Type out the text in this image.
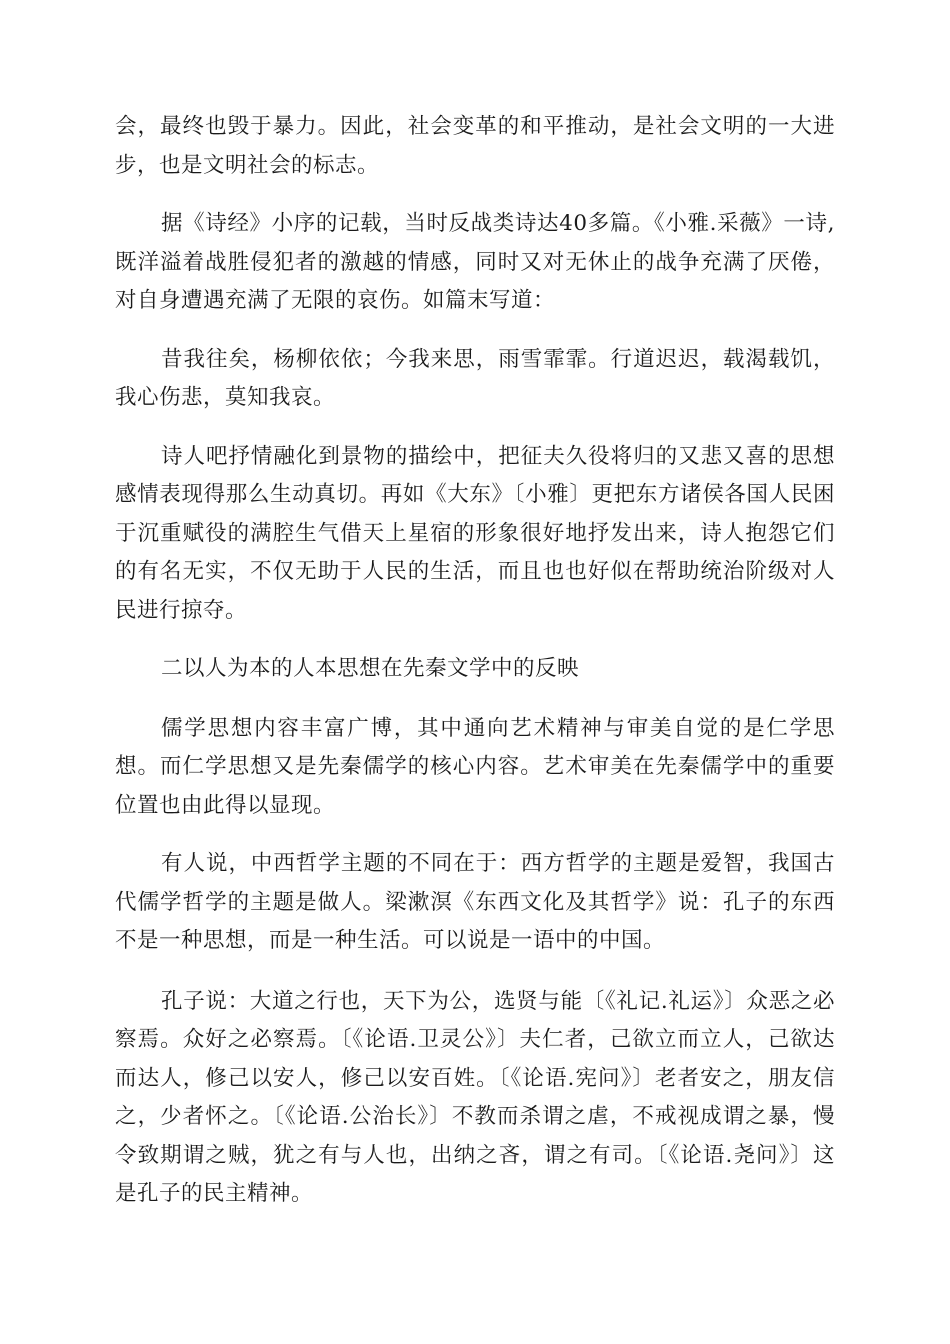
会，最终也毁于暴力。因此，社会变革的和平推动，是社会文明的一大进步，也是文明社会的标志。

据《诗经》小序的记载，当时反战类诗达40多篇。《小雅.采薇》一诗,既洋溢着战胜侵犯者的激越的情感，同时又对无休止的战争充满了厌倦，对自身遭遇充满了无限的哀伤。如篇末写道：

昔我往矣，杨柳依依；今我来思，雨雪霏霏。行道迟迟，载渴载饥，我心伤悲，莫知我哀。

诗人吧抒情融化到景物的描绘中，把征夫久役将归的又悲又喜的思想感情表现得那么生动真切。再如《大东》〔小雅〕更把东方诸侯各国人民困于沉重赋役的满腔生气借天上星宿的形象很好地抒发出来，诗人抱怨它们的有名无实，不仅无助于人民的生活，而且也也好似在帮助统治阶级对人民进行掠夺。

二以人为本的人本思想在先秦文学中的反映

儒学思想内容丰富广博，其中通向艺术精神与审美自觉的是仁学思想。而仁学思想又是先秦儒学的核心内容。艺术审美在先秦儒学中的重要位置也由此得以显现。

有人说，中西哲学主题的不同在于：西方哲学的主题是爱智，我国古代儒学哲学的主题是做人。梁漱溟《东西文化及其哲学》说：孔子的东西不是一种思想，而是一种生活。可以说是一语中的中国。

孔子说：大道之行也，天下为公，选贤与能〔《礼记.礼运》〕众恶之必察焉。众好之必察焉。〔《论语.卫灵公》〕夫仁者，己欲立而立人，己欲达而达人，修己以安人，修己以安百姓。〔《论语.宪问》〕老者安之，朋友信之，少者怀之。〔《论语.公治长》〕不教而杀谓之虐，不戒视成谓之暴，慢令致期谓之贼，犹之有与人也，出纳之吝，谓之有司。〔《论语.尧问》〕这是孔子的民主精神。
